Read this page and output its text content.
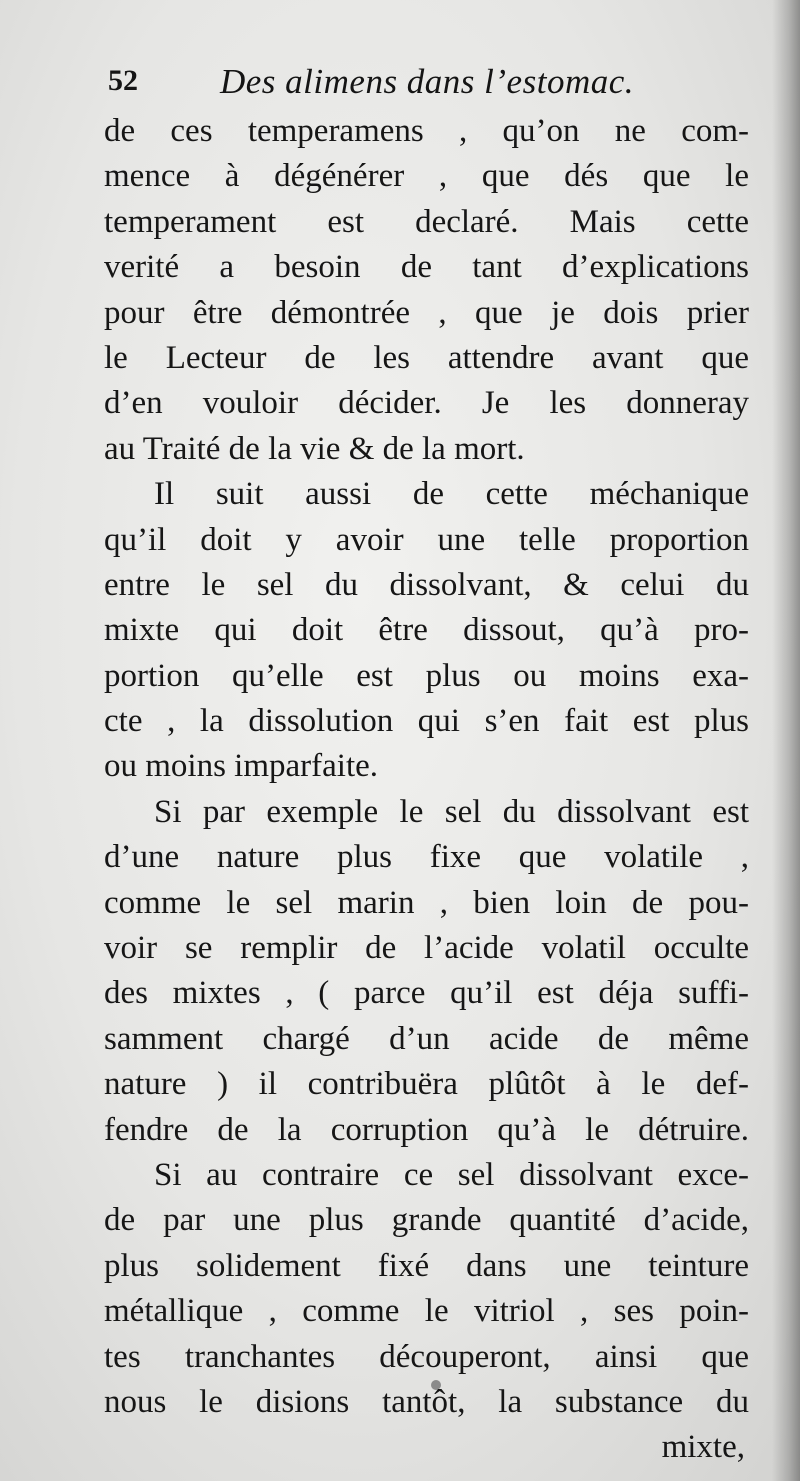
52 Des alimens dans l’estomac.
de ces temperamens , qu’on ne com-
mence à dégénérer , que dés que le
temperament est declaré. Mais cette
verité a besoin de tant d’explications
pour être démontrée , que je dois prier
le Lecteur de les attendre avant que
d’en vouloir décider. Je les donneray
au Traité de la vie & de la mort.
Il suit aussi de cette méchanique
qu’il doit y avoir une telle proportion
entre le sel du dissolvant, & celui du
mixte qui doit être dissout, qu’à pro-
portion qu’elle est plus ou moins exa-
cte , la dissolution qui s’en fait est plus
ou moins imparfaite.
Si par exemple le sel du dissolvant est
d’une nature plus fixe que volatile ,
comme le sel marin , bien loin de pou-
voir se remplir de l’acide volatil occulte
des mixtes , ( parce qu’il est déja suffi-
samment chargé d’un acide de même
nature ) il contribuëra plûtôt à le def-
fendre de la corruption qu’à le détruire.
Si au contraire ce sel dissolvant exce-
de par une plus grande quantité d’acide,
plus solidement fixé dans une teinture
métallique , comme le vitriol , ses poin-
tes tranchantes découperont, ainsi que
nous le disions tantôt, la substance du
mixte,
